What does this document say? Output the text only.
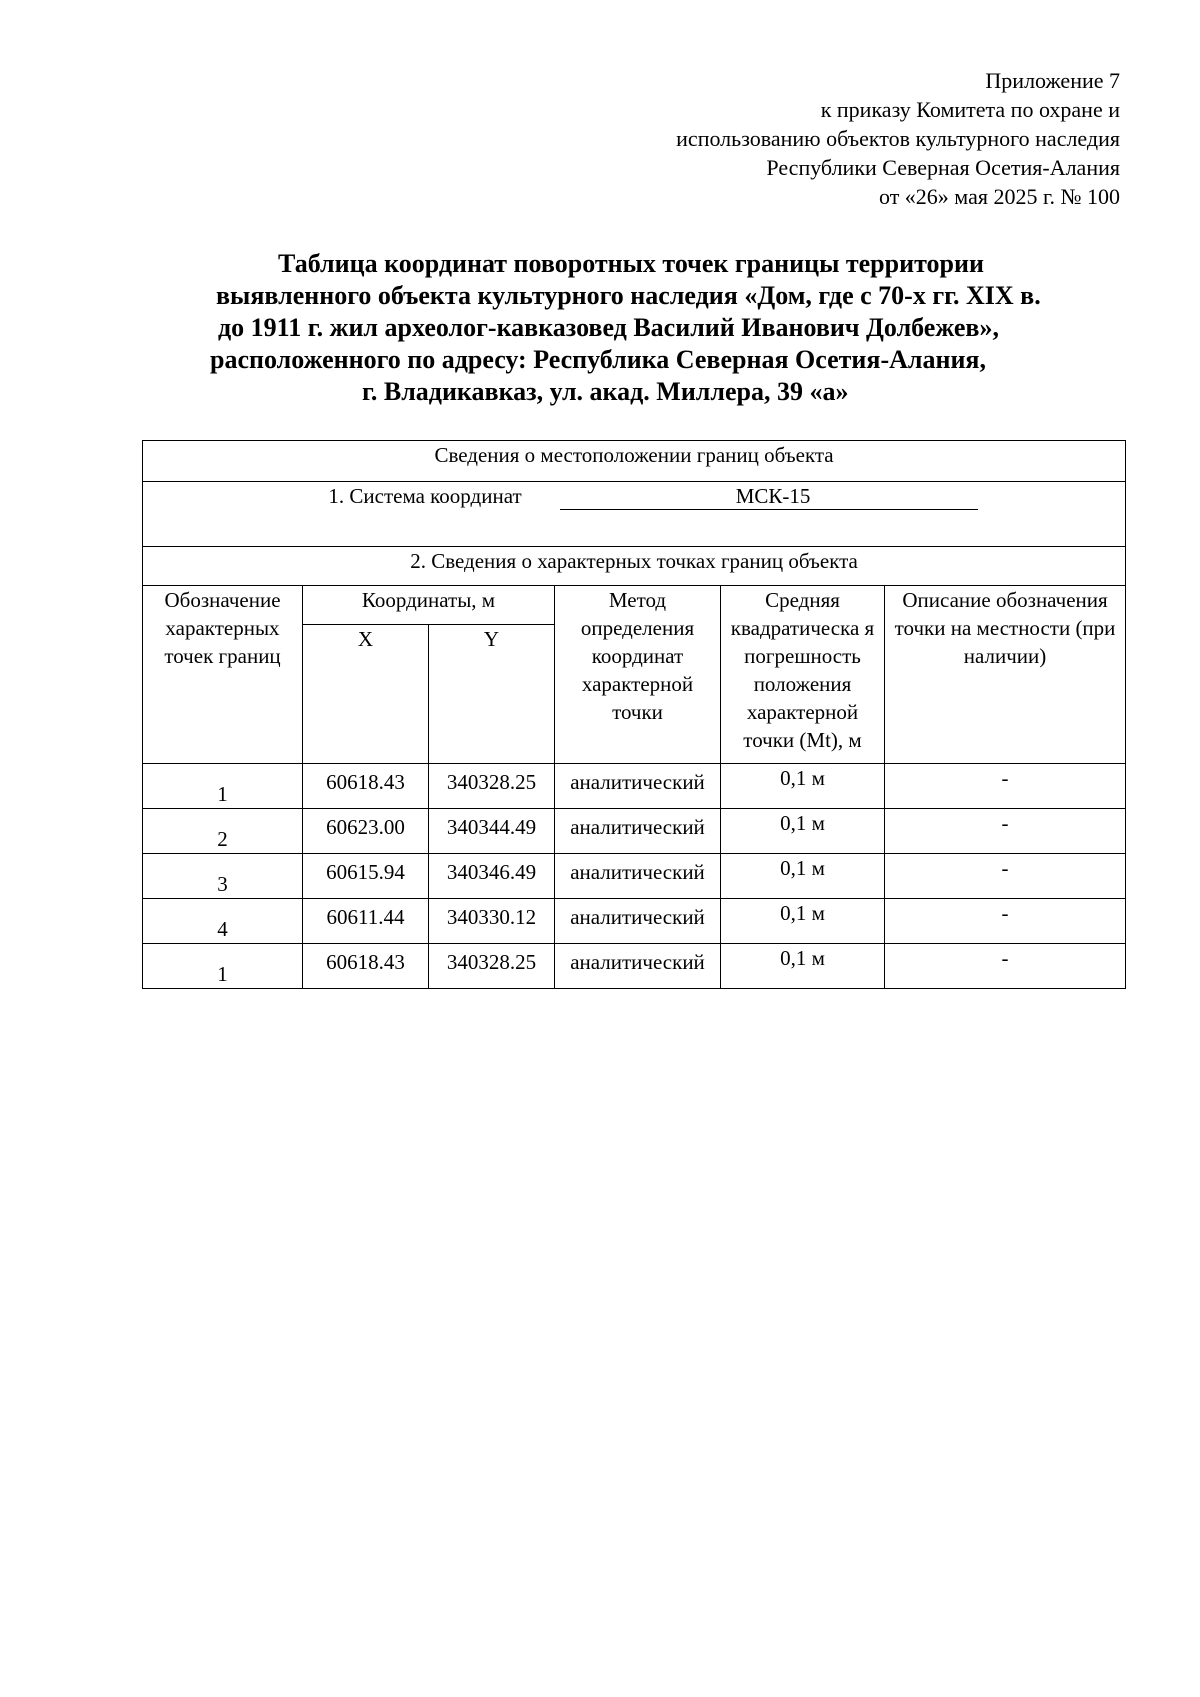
Приложение 7
к приказу Комитета по охране и
использованию объектов культурного наследия
Республики Северная Осетия-Алания
от «26» мая 2025 г. № 100
Таблица координат поворотных точек границы территории
выявленного объекта культурного наследия «Дом, где с 70-х гг. XIX в.
до 1911 г. жил археолог-кавказовед Василий Иванович Долбежев»,
расположенного по адресу: Республика Северная Осетия-Алания,
г. Владикавказ, ул. акад. Миллера, 39 «а»
Сведения о местоположении границ объекта					
1. Система координат МСК-15					
2. Сведения о характерных точках границ объекта					
Обозначение характерных точек границ	Координаты, м		Метод определения координат характерной точки	Средняя квадратическа я погрешность положения характерной точки (Mt), м	Описание обозначения точки на местности (при наличии)
	X	Y			
1	60618.43	340328.25	аналитический	0,1 м	-
2	60623.00	340344.49	аналитический	0,1 м	-
3	60615.94	340346.49	аналитический	0,1 м	-
4	60611.44	340330.12	аналитический	0,1 м	-
1	60618.43	340328.25	аналитический	0,1 м	-
